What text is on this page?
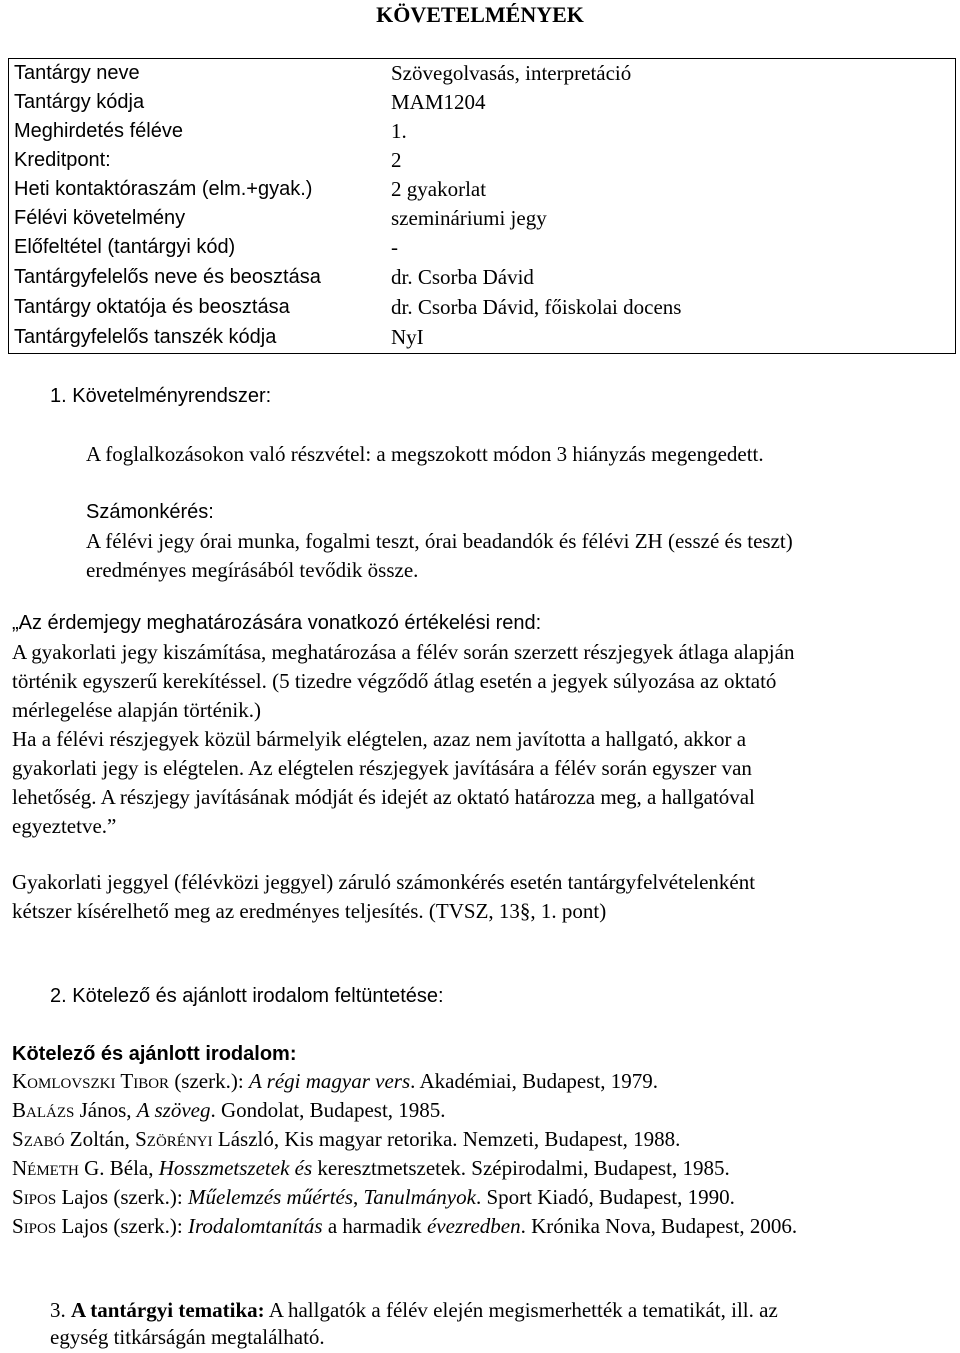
KÖVETELMÉNYEK
Tantárgy neve	Szövegolvasás, interpretáció
Tantárgy kódja	MAM1204
Meghirdetés féléve	1.
Kreditpont:	2
Heti kontaktóraszám (elm.+gyak.)	2 gyakorlat
Félévi követelmény	szemináriumi jegy
Előfeltétel (tantárgyi kód)	-
Tantárgyfelelős neve és beosztása	dr. Csorba Dávid
Tantárgy oktatója és beosztása	dr. Csorba Dávid, főiskolai docens
Tantárgyfelelős tanszék kódja	NyI
1. Követelményrendszer:
A foglalkozásokon való részvétel: a megszokott módon 3 hiányzás megengedett.
Számonkérés:
A félévi jegy órai munka, fogalmi teszt, órai beadandók és félévi ZH (esszé és teszt)
eredményes megírásából tevődik össze.
„Az érdemjegy meghatározására vonatkozó értékelési rend:
A gyakorlati jegy kiszámítása, meghatározása a félév során szerzett részjegyek átlaga alapján
történik egyszerű kerekítéssel. (5 tizedre végződő átlag esetén a jegyek súlyozása az oktató
mérlegelése alapján történik.)
Ha a félévi részjegyek közül bármelyik elégtelen, azaz nem javította a hallgató, akkor a
gyakorlati jegy is elégtelen. Az elégtelen részjegyek javítására a félév során egyszer van
lehetőség. A részjegy javításának módját és idejét az oktató határozza meg, a hallgatóval
egyeztetve.”
Gyakorlati jeggyel (félévközi jeggyel) záruló számonkérés esetén tantárgyfelvételenként
kétszer kísérelhető meg az eredményes teljesítés. (TVSZ, 13§, 1. pont)
2. Kötelező és ajánlott irodalom feltüntetése:
Kötelező és ajánlott irodalom:
KOMLOVSZKI TIBOR (szerk.): A régi magyar vers. Akadémiai, Budapest, 1979.
BALÁZS János, A szöveg. Gondolat, Budapest, 1985.
SZABÓ Zoltán, SZÖRÉNYI László, Kis magyar retorika. Nemzeti, Budapest, 1988.
NÉMETH G. Béla, Hosszmetszetek és keresztmetszetek. Szépirodalmi, Budapest, 1985.
SIPOS Lajos (szerk.): Műelemzés műértés, Tanulmányok. Sport Kiadó, Budapest, 1990.
SIPOS Lajos (szerk.): Irodalomtanítás a harmadik évezredben. Krónika Nova, Budapest, 2006.
3. A tantárgyi tematika: A hallgatók a félév elején megismerhették a tematikát, ill. az
egység titkárságán megtalálható.
